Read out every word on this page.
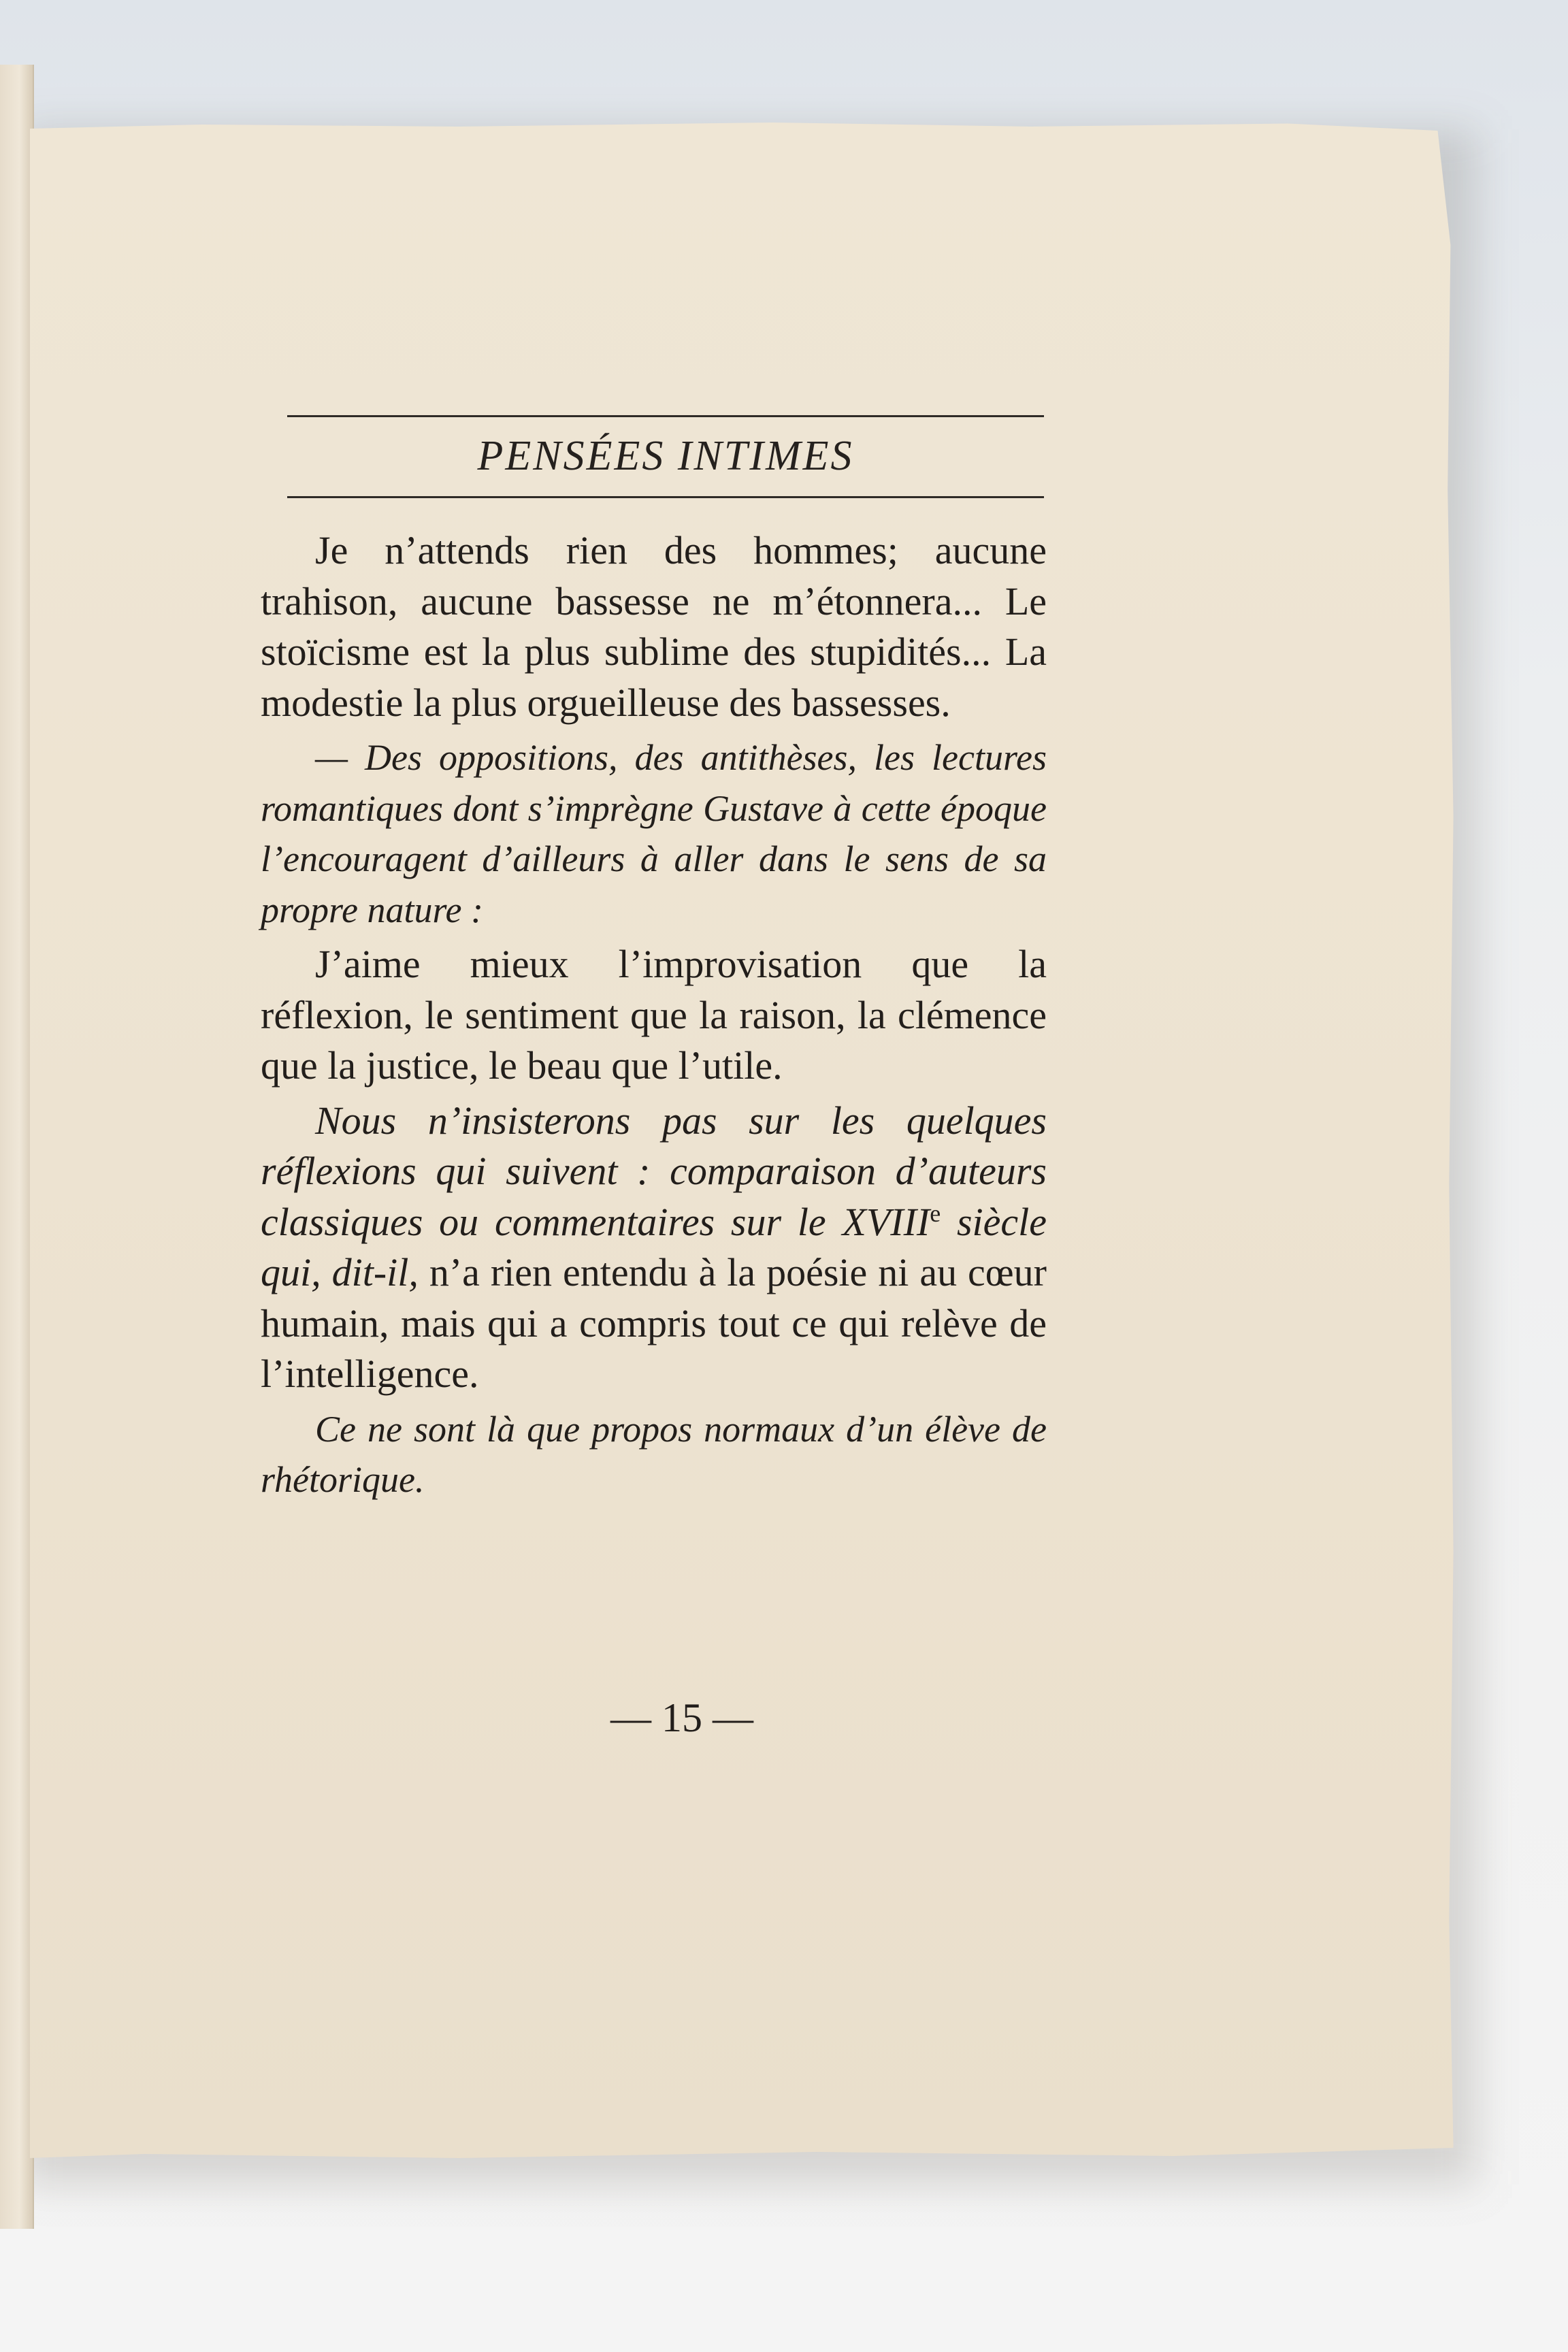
PENSÉES INTIMES

Je n’attends rien des hommes; aucune trahison, aucune bassesse ne m’étonnera... Le stoïcisme est la plus sublime des stupidités... La modestie la plus orgueilleuse des bassesses.

— Des oppositions, des antithèses, les lectures romantiques dont s’imprègne Gustave à cette époque l’encouragent d’ailleurs à aller dans le sens de sa propre nature :

J’aime mieux l’improvisation que la réflexion, le sentiment que la raison, la clémence que la justice, le beau que l’utile.

Nous n’insisterons pas sur les quelques réflexions qui suivent : comparaison d’auteurs classiques ou commentaires sur le XVIIIe siècle qui, dit-il, n’a rien entendu à la poésie ni au cœur humain, mais qui a compris tout ce qui relève de l’intelligence.

Ce ne sont là que propos normaux d’un élève de rhétorique.

— 15 —
